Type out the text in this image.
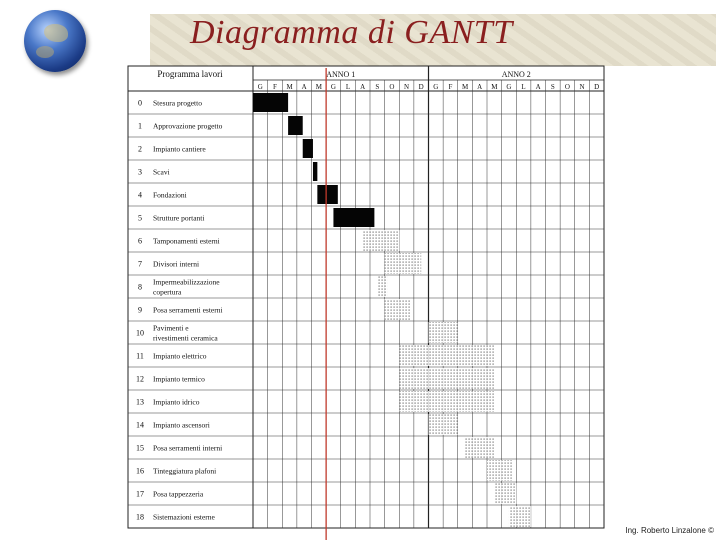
Diagramma di GANTT
Programma lavori	ANNO 1	ANNO 2
G F M A M G L A S O N D G F M A M G L A S O N D
0 Stesura progetto
1 Approvazione progetto
2 Impianto cantiere
3 Scavi
4 Fondazioni
5 Strutture portanti
6 Tamponamenti esterni
7 Divisori interni
8
Impermeabilizzazione
copertura
9 Posa serramenti esterni
10
Pavimenti e
rivestimenti ceramica
11 Impianto elettrico
12 Impianto termico
13 Impianto idrico
14 Impianto ascensori
15 Posa serramenti interni
16 Tinteggiatura plafoni
17 Posa tappezzeria
18 Sistemazioni esterne
Ing. Roberto Linzalone ©
